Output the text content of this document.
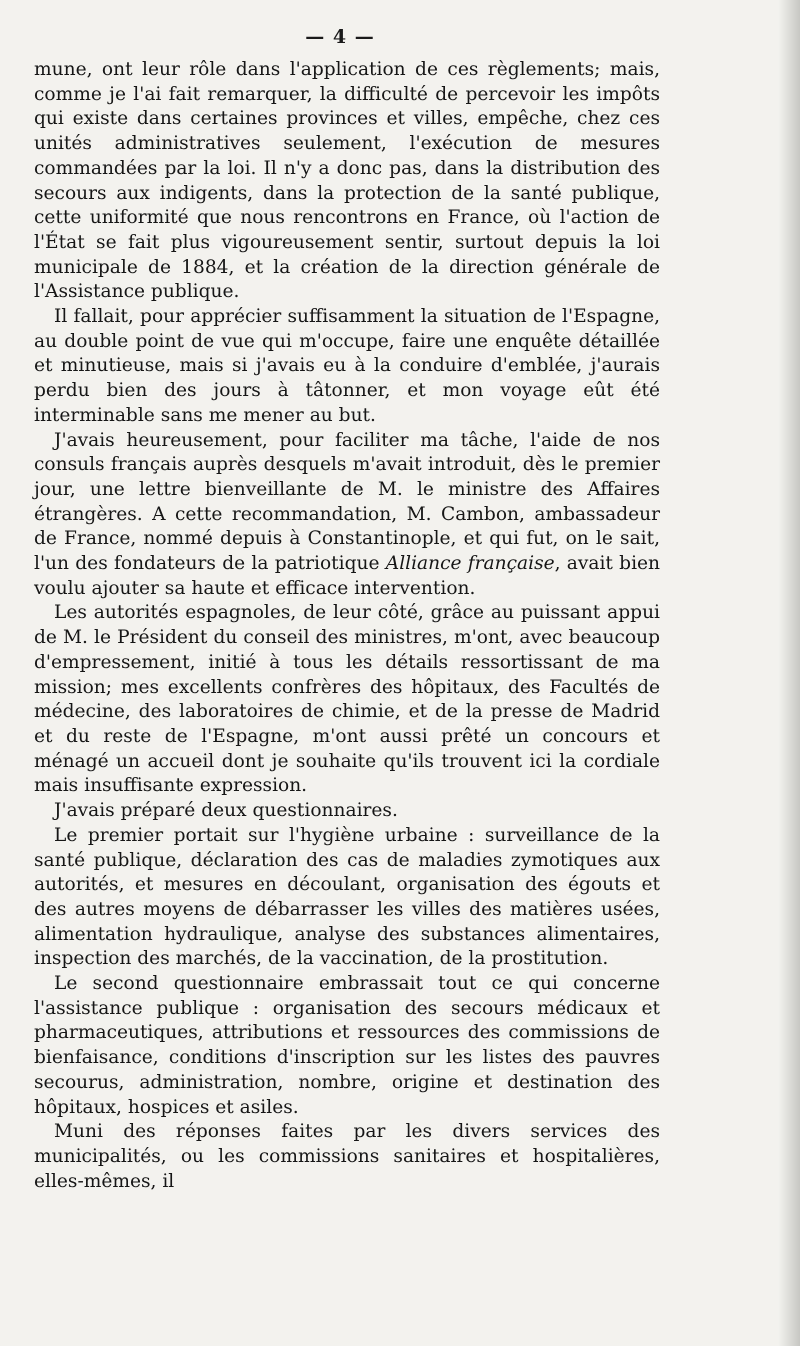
— 4 —

mune, ont leur rôle dans l'application de ces règlements; mais, comme je l'ai fait remarquer, la difficulté de percevoir les impôts qui existe dans certaines provinces et villes, empêche, chez ces unités administratives seulement, l'exécution de mesures commandées par la loi. Il n'y a donc pas, dans la distribution des secours aux indigents, dans la protection de la santé publique, cette uniformité que nous rencontrons en France, où l'action de l'État se fait plus vigoureusement sentir, surtout depuis la loi municipale de 1884, et la création de la direction générale de l'Assistance publique.

Il fallait, pour apprécier suffisamment la situation de l'Espagne, au double point de vue qui m'occupe, faire une enquête détaillée et minutieuse, mais si j'avais eu à la conduire d'emblée, j'aurais perdu bien des jours à tâtonner, et mon voyage eût été interminable sans me mener au but.

J'avais heureusement, pour faciliter ma tâche, l'aide de nos consuls français auprès desquels m'avait introduit, dès le premier jour, une lettre bienveillante de M. le ministre des Affaires étrangères. A cette recommandation, M. Cambon, ambassadeur de France, nommé depuis à Constantinople, et qui fut, on le sait, l'un des fondateurs de la patriotique Alliance française, avait bien voulu ajouter sa haute et efficace intervention.

Les autorités espagnoles, de leur côté, grâce au puissant appui de M. le Président du conseil des ministres, m'ont, avec beaucoup d'empressement, initié à tous les détails ressortissant de ma mission; mes excellents confrères des hôpitaux, des Facultés de médecine, des laboratoires de chimie, et de la presse de Madrid et du reste de l'Espagne, m'ont aussi prêté un concours et ménagé un accueil dont je souhaite qu'ils trouvent ici la cordiale mais insuffisante expression.

J'avais préparé deux questionnaires.

Le premier portait sur l'hygiène urbaine : surveillance de la santé publique, déclaration des cas de maladies zymotiques aux autorités, et mesures en découlant, organisation des égouts et des autres moyens de débarrasser les villes des matières usées, alimentation hydraulique, analyse des substances alimentaires, inspection des marchés, de la vaccination, de la prostitution.

Le second questionnaire embrassait tout ce qui concerne l'assistance publique : organisation des secours médicaux et pharmaceutiques, attributions et ressources des commissions de bienfaisance, conditions d'inscription sur les listes des pauvres secourus, administration, nombre, origine et destination des hôpitaux, hospices et asiles.

Muni des réponses faites par les divers services des municipalités, ou les commissions sanitaires et hospitalières, elles-mêmes, il
